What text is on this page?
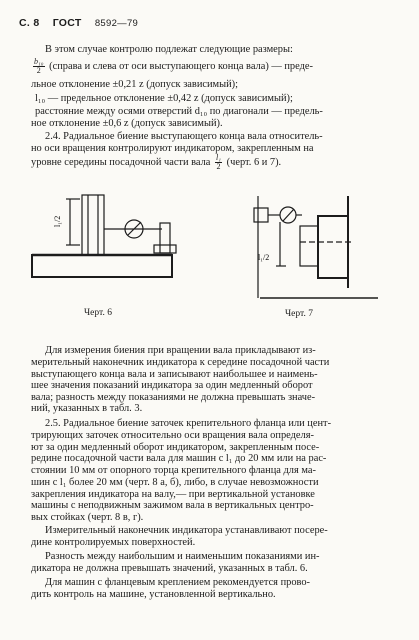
С. 8 ГОСТ 8592—79
В этом случае контролю подлежат следующие размеры:
$\frac{\text{b₁₀}}{2}$ (справа и слева от оси выступающего конца вала) — преде-
льное отклонение ±0,21 z (допуск зависимый);
l₁₀ — предельное отклонение ±0,42 z (допуск зависимый);
расстояние между осями отверстий d₁₀ по диагонали — предель-
ное отклонение ±0,6 z (допуск зависимый).
2.4. Радиальное биение выступающего конца вала относитель-
но оси вращения контролируют индикатором, закрепленным на
уровне середины посадочной части вала $\frac{\text{l₁}}{2}$ (черт. 6 и 7).
l₁/2
Черт. 6
l₁/2
Черт. 7
Для измерения биения при вращении вала прикладывают из-
мерительный наконечник индикатора к середине посадочной части
выступающего конца вала и записывают наибольшее и наимень-
шее значения показаний индикатора за один медленный оборот
вала; разность между показаниями не должна превышать значе-
ний, указанных в табл. 3.
2.5. Радиальное биение заточек крепительного фланца или цент-
трирующих заточек относительно оси вращения вала определя-
ют за один медленный оборот индикатором, закрепленным посе-
редине посадочной части вала для машин с l₁ до 20 мм или на рас-
стоянии 10 мм от опорного торца крепительного фланца для ма-
шин с l₁ более 20 мм (черт. 8 а, б), либо, в случае невозможности
закрепления индикатора на валу,— при вертикальной установке
машины с неподвижным зажимом вала в вертикальных центро-
вых стойках (черт. 8 в, г).
Измерительный наконечник индикатора устанавливают посере-
дине контролируемых поверхностей.
Разность между наибольшим и наименьшим показаниями ин-
дикатора не должна превышать значений, указанных в табл. 6.
Для машин с фланцевым креплением рекомендуется прово-
дить контроль на машине, установленной вертикально.
